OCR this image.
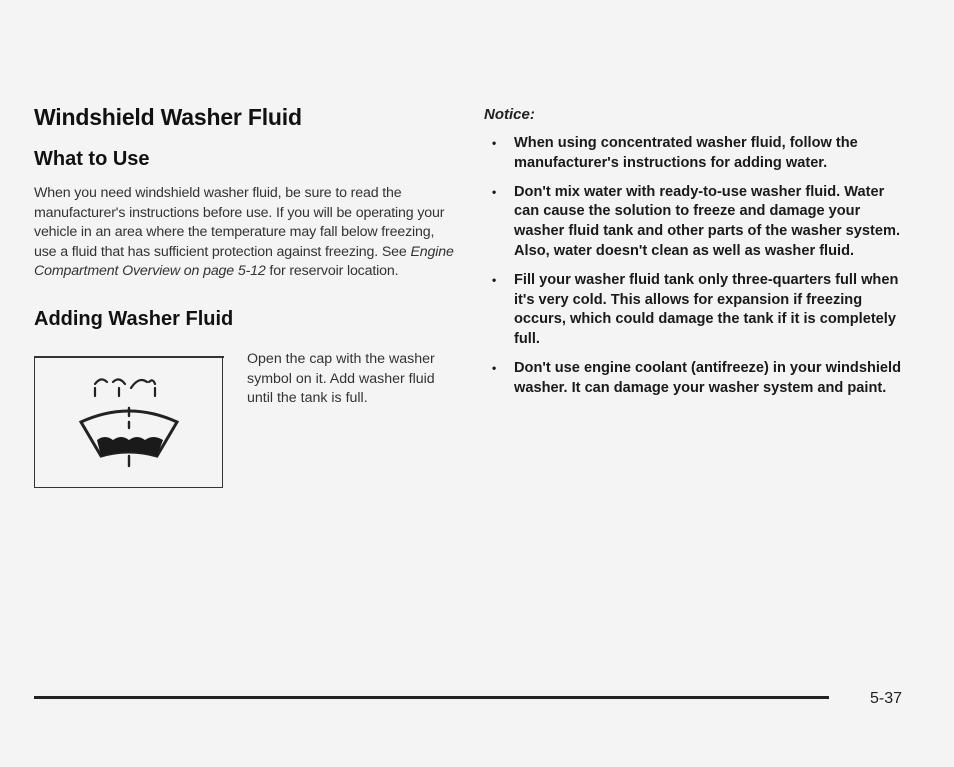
Windshield Washer Fluid
What to Use
When you need windshield washer fluid, be sure to read the manufacturer's instructions before use. If you will be operating your vehicle in an area where the temperature may fall below freezing, use a fluid that has sufficient protection against freezing. See Engine Compartment Overview on page 5-12 for reservoir location.
Adding Washer Fluid
Open the cap with the washer symbol on it. Add washer fluid until the tank is full.
Notice:
• When using concentrated washer fluid, follow the manufacturer's instructions for adding water.
• Don't mix water with ready-to-use washer fluid. Water can cause the solution to freeze and damage your washer fluid tank and other parts of the washer system. Also, water doesn't clean as well as washer fluid.
• Fill your washer fluid tank only three-quarters full when it's very cold. This allows for expansion if freezing occurs, which could damage the tank if it is completely full.
• Don't use engine coolant (antifreeze) in your windshield washer. It can damage your washer system and paint.
5-37
